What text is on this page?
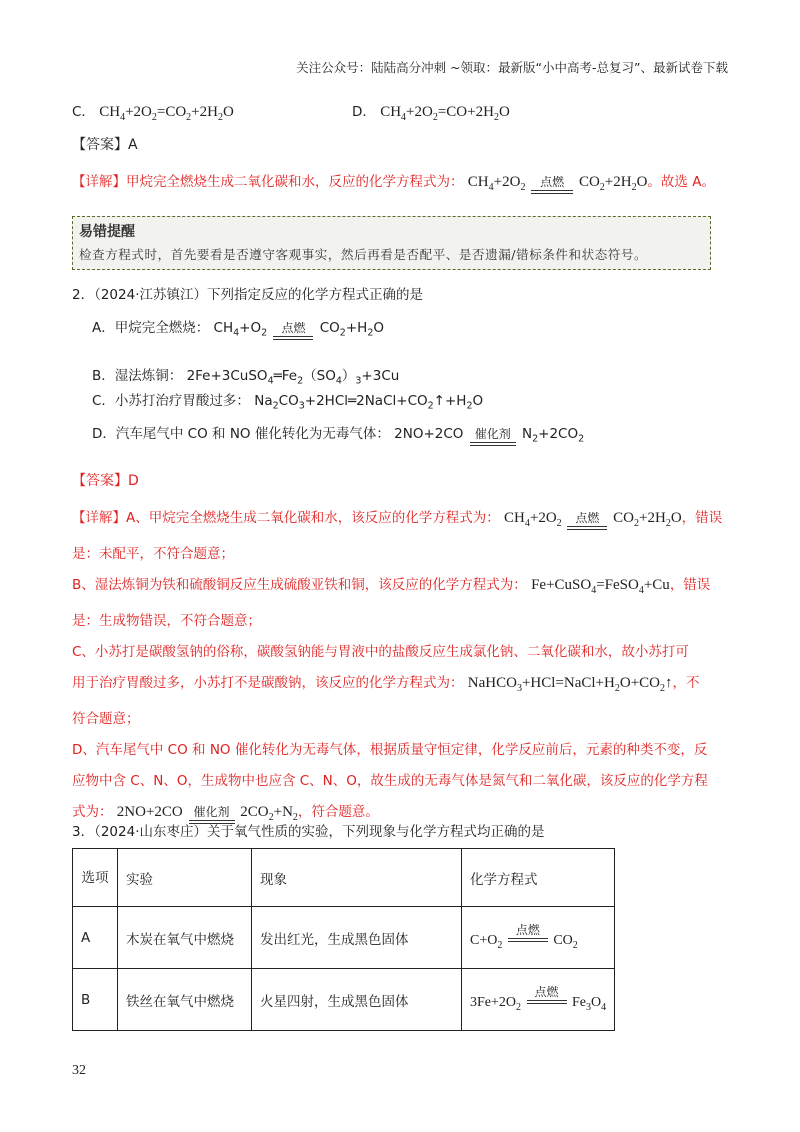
关注公众号：陆陆高分冲刺 ~领取：最新版“小中高考-总复习”、最新试卷下载
C． $CH_4+2O_2=CO_2+2H_2O$	D． $CH_4+2O_2=CO+2H_2O$
【答案】A
【详解】甲烷完全燃烧生成二氧化碳和水，反应的化学方程式为： $CH_4+2O_2$	点燃 $CO_2+2H_2O$。故选 A。
易错提醒
检查方程式时，首先要看是否遵守客观事实，然后再看是否配平、是否遗漏/错标条件和状态符号。
2．（2024·江苏镇江）下列指定反应的化学方程式正确的是
A．甲烷完全燃烧： $CH_4+O_2$	点燃 $CO_2+H_2O$
B．湿法炼铜： $2Fe+3CuSO_4═Fe_2(SO_4)_3+3Cu$
C．小苏打治疗胃酸过多： $Na_2CO_3+2HCl═2NaCl+CO_2↑+H_2O$
D．汽车尾气中 CO 和 NO 催化转化为无毒气体： 2NO+2CO 催化剂 $N_2+2CO_2$
【答案】D
【详解】A、甲烷完全燃烧生成二氧化碳和水，该反应的化学方程式为： $CH_4+2O_2$	点燃 $CO_2+2H_2O$，错误
是：未配平，不符合题意；
B、湿法炼铜为铁和硫酸铜反应生成硫酸亚铁和铜，该反应的化学方程式为： Fe+CuSO$_4$=FeSO$_4$+Cu，错误
是：生成物错误，不符合题意；
C、小苏打是碳酸氢钠的俗称，碳酸氢钠能与胃液中的盐酸反应生成氯化钠、二氧化碳和水，故小苏打可
用于治疗胃酸过多，小苏打不是碳酸钠，该反应的化学方程式为： $NaHCO_3+HCl=NaCl+H_2O+CO_2↑$，不
符合题意；
D、汽车尾气中 CO 和 NO 催化转化为无毒气体，根据质量守恒定律，化学反应前后，元素的种类不变，反
应物中含 C、N、O，生成物中也应含 C、N、O，故生成的无毒气体是氮气和二氧化碳，该反应的化学方程
式为： 2NO+2CO 催化剂 $2CO_2+N_2$，符合题意。
3．（2024·山东枣庄）关于氧气性质的实验，下列现象与化学方程式均正确的是
选项	实验	现象	化学方程式
A	木炭在氧气中燃烧	发出红光，生成黑色固体	$C+O_2$
点燃
$CO_2$
B	铁丝在氧气中燃烧	火星四射，生成黑色固体	$3Fe+2O_2$
点燃
$Fe_3O_4$
32
